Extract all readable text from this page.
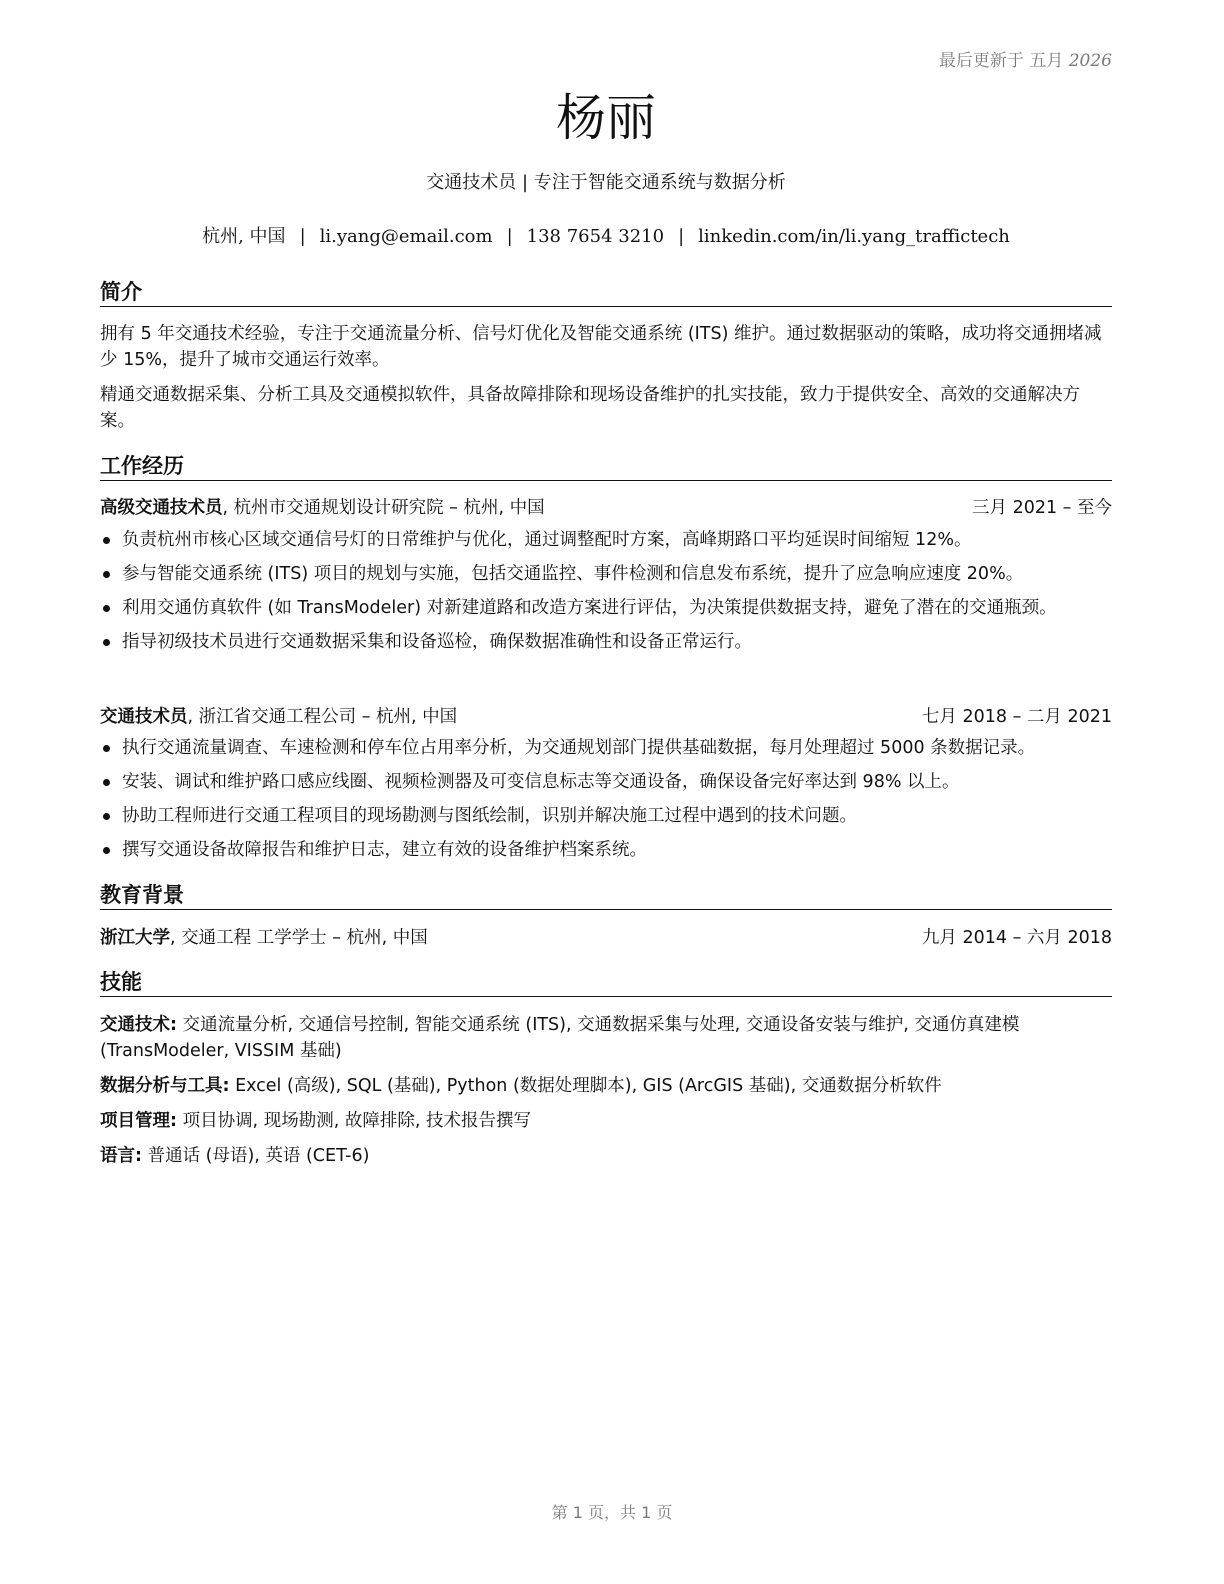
最后更新于 五月 2026
杨丽
交通技术员 | 专注于智能交通系统与数据分析
杭州, 中国 | li.yang@email.com | 138 7654 3210 | linkedin.com/in/li.yang_traffictech
简介
拥有 5 年交通技术经验，专注于交通流量分析、信号灯优化及智能交通系统 (ITS) 维护。通过数据驱动的策略，成功将交通拥堵减少 15%，提升了城市交通运行效率。
精通交通数据采集、分析工具及交通模拟软件，具备故障排除和现场设备维护的扎实技能，致力于提供安全、高效的交通解决方案。
工作经历
高级交通技术员, 杭州市交通规划设计研究院 – 杭州, 中国	三月 2021 – 至今
负责杭州市核心区域交通信号灯的日常维护与优化，通过调整配时方案，高峰期路口平均延误时间缩短 12%。
参与智能交通系统 (ITS) 项目的规划与实施，包括交通监控、事件检测和信息发布系统，提升了应急响应速度 20%。
利用交通仿真软件 (如 TransModeler) 对新建道路和改造方案进行评估，为决策提供数据支持，避免了潜在的交通瓶颈。
指导初级技术员进行交通数据采集和设备巡检，确保数据准确性和设备正常运行。
交通技术员, 浙江省交通工程公司 – 杭州, 中国	七月 2018 – 二月 2021
执行交通流量调查、车速检测和停车位占用率分析，为交通规划部门提供基础数据，每月处理超过 5000 条数据记录。
安装、调试和维护路口感应线圈、视频检测器及可变信息标志等交通设备，确保设备完好率达到 98% 以上。
协助工程师进行交通工程项目的现场勘测与图纸绘制，识别并解决施工过程中遇到的技术问题。
撰写交通设备故障报告和维护日志，建立有效的设备维护档案系统。
教育背景
浙江大学, 交通工程 工学学士 – 杭州, 中国	九月 2014 – 六月 2018
技能
交通技术: 交通流量分析, 交通信号控制, 智能交通系统 (ITS), 交通数据采集与处理, 交通设备安装与维护, 交通仿真建模 (TransModeler, VISSIM 基础)
数据分析与工具: Excel (高级), SQL (基础), Python (数据处理脚本), GIS (ArcGIS 基础), 交通数据分析软件
项目管理: 项目协调, 现场勘测, 故障排除, 技术报告撰写
语言: 普通话 (母语), 英语 (CET-6)
第 1 页，共 1 页
